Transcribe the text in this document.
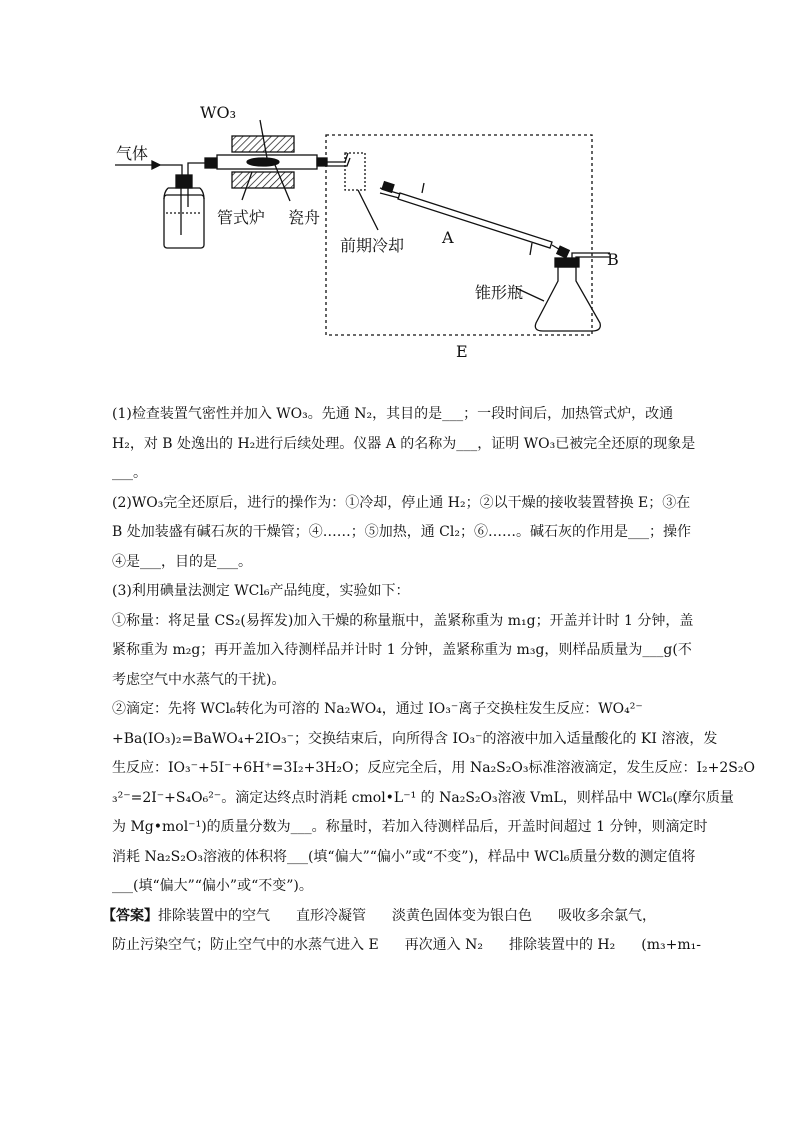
气体
WO₃
管式炉 瓷舟
前期冷却 A
B
锥形瓶
E
(1)检查装置气密性并加入 WO₃。先通 N₂，其目的是___；一段时间后，加热管式炉，改通
H₂，对 B 处逸出的 H₂进行后续处理。仪器 A 的名称为___，证明 WO₃已被完全还原的现象是
___。
(2)WO₃完全还原后，进行的操作为：①冷却，停止通 H₂；②以干燥的接收装置替换 E；③在
B 处加装盛有碱石灰的干燥管；④……；⑤加热，通 Cl₂；⑥……。碱石灰的作用是___；操作
④是___，目的是___。
(3)利用碘量法测定 WCl₆产品纯度，实验如下：
①称量：将足量 CS₂(易挥发)加入干燥的称量瓶中，盖紧称重为 m₁g；开盖并计时 1 分钟，盖
紧称重为 m₂g；再开盖加入待测样品并计时 1 分钟，盖紧称重为 m₃g，则样品质量为___g(不
考虑空气中水蒸气的干扰)。
②滴定：先将 WCl₆转化为可溶的 Na₂WO₄，通过 IO₃⁻离子交换柱发生反应：WO₄²⁻
+Ba(IO₃)₂=BaWO₄+2IO₃⁻；交换结束后，向所得含 IO₃⁻的溶液中加入适量酸化的 KI 溶液，发
生反应：IO₃⁻+5I⁻+6H⁺=3I₂+3H₂O；反应完全后，用 Na₂S₂O₃标准溶液滴定，发生反应：I₂+2S₂O
₃²⁻=2I⁻+S₄O₆²⁻。滴定达终点时消耗 cmol•L⁻¹ 的 Na₂S₂O₃溶液 VmL，则样品中 WCl₆(摩尔质量
为 Mg•mol⁻¹)的质量分数为___。称量时，若加入待测样品后，开盖时间超过 1 分钟，则滴定时
消耗 Na₂S₂O₃溶液的体积将___(填“偏大”“偏小”或“不变”)，样品中 WCl₆质量分数的测定值将
___(填“偏大”“偏小”或“不变”)。
【答案】排除装置中的空气 直形冷凝管 淡黄色固体变为银白色 吸收多余氯气，
防止污染空气；防止空气中的水蒸气进入 E 再次通入 N₂ 排除装置中的 H₂ (m₃+m₁-
